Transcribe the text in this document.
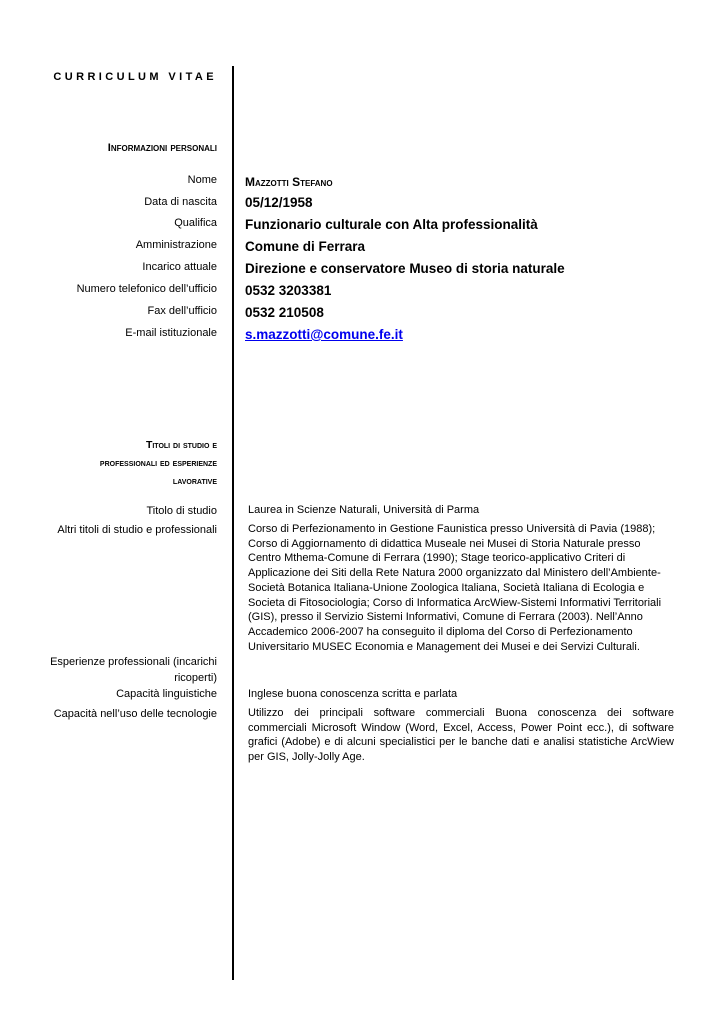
CURRICULUM VITAE
Informazioni personali
Nome
Data di nascita
Qualifica
Amministrazione
Incarico attuale
Numero telefonico dell’ufficio
Fax dell’ufficio
E-mail istituzionale
Mazzotti Stefano
05/12/1958
Funzionario culturale con Alta professionalità
Comune di Ferrara
Direzione e conservatore Museo di storia naturale
0532 3203381
0532 210508
s.mazzotti@comune.fe.it
Titoli di studio e
professionali ed esperienze
lavorative
Titolo di studio
Altri titoli di studio e professionali
Esperienze professionali (incarichi
ricoperti)
Capacità linguistiche
Capacità nell’uso delle tecnologie
Laurea in Scienze Naturali, Università di Parma
Corso di Perfezionamento in Gestione Faunistica presso Università di Pavia (1988); Corso di Aggiornamento di didattica Museale nei Musei di Storia Naturale presso Centro Mthema-Comune di Ferrara (1990); Stage teorico-applicativo Criteri di Applicazione dei Siti della Rete Natura 2000 organizzato dal Ministero dell’Ambiente-Società Botanica Italiana-Unione Zoologica Italiana, Società Italiana di Ecologia e Societa di Fitosociologia; Corso di Informatica ArcWiew-Sistemi Informativi Territoriali (GIS), presso il Servizio Sistemi Informativi, Comune di Ferrara (2003). Nell’Anno Accademico 2006-2007 ha conseguito il diploma del Corso di Perfezionamento Universitario MUSEC Economia e Management dei Musei e dei Servizi Culturali.
Inglese buona conoscenza scritta e parlata
Utilizzo dei principali software commerciali Buona conoscenza dei software commerciali Microsoft Window (Word, Excel, Access, Power Point ecc.), di software grafici (Adobe) e di alcuni specialistici per le banche dati e analisi statistiche ArcWiew per GIS, Jolly-Jolly Age.
